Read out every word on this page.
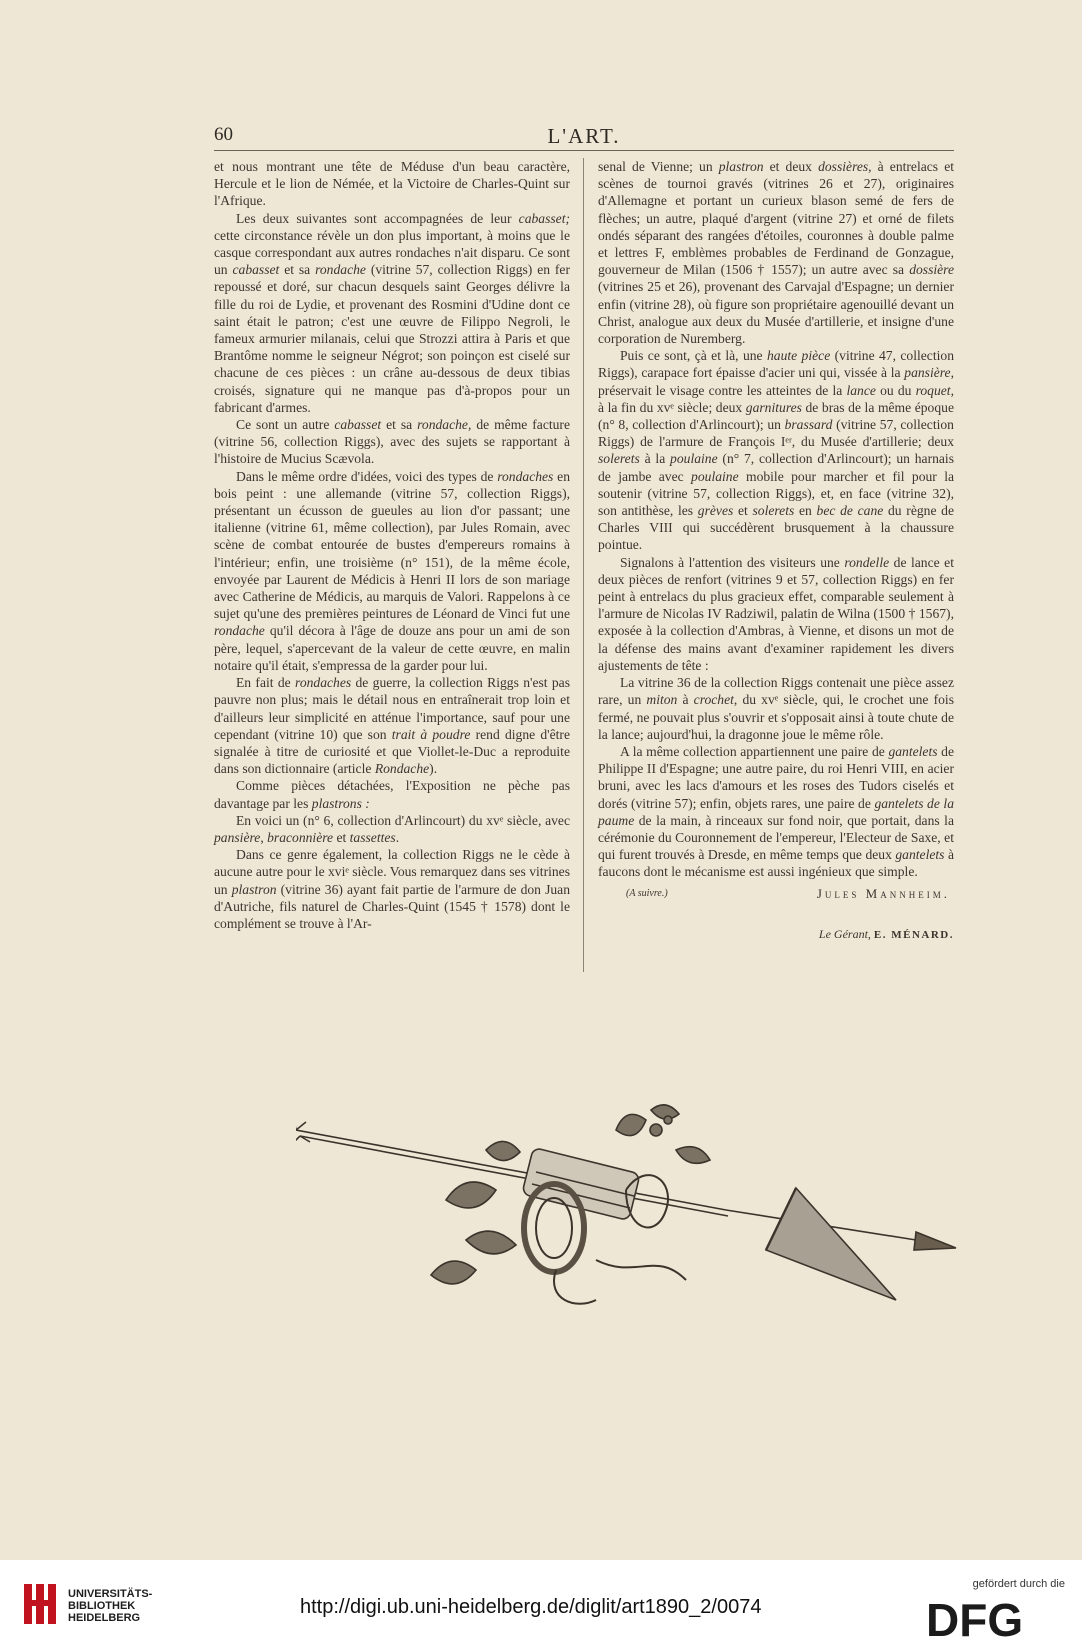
60	L'ART.

et nous montrant une tête de Méduse d'un beau caractère, Hercule et le lion de Némée, et la Victoire de Charles-Quint sur l'Afrique.

Les deux suivantes sont accompagnées de leur cabasset; cette circonstance révèle un don plus important, à moins que le casque correspondant aux autres rondaches n'ait disparu. Ce sont un cabasset et sa rondache (vitrine 57, collection Riggs) en fer repoussé et doré, sur chacun desquels saint Georges délivre la fille du roi de Lydie, et provenant des Rosmini d'Udine dont ce saint était le patron; c'est une œuvre de Filippo Negroli, le fameux armurier milanais, celui que Strozzi attira à Paris et que Brantôme nomme le seigneur Négrot; son poinçon est ciselé sur chacune de ces pièces : un crâne au-dessous de deux tibias croisés, signature qui ne manque pas d'à-propos pour un fabricant d'armes.

Ce sont un autre cabasset et sa rondache, de même facture (vitrine 56, collection Riggs), avec des sujets se rapportant à l'histoire de Mucius Scævola.

Dans le même ordre d'idées, voici des types de rondaches en bois peint : une allemande (vitrine 57, collection Riggs), présentant un écusson de gueules au lion d'or passant; une italienne (vitrine 61, même collection), par Jules Romain, avec scène de combat entourée de bustes d'empereurs romains à l'intérieur; enfin, une troisième (n° 151), de la même école, envoyée par Laurent de Médicis à Henri II lors de son mariage avec Catherine de Médicis, au marquis de Valori. Rappelons à ce sujet qu'une des premières peintures de Léonard de Vinci fut une rondache qu'il décora à l'âge de douze ans pour un ami de son père, lequel, s'apercevant de la valeur de cette œuvre, en malin notaire qu'il était, s'empressa de la garder pour lui.

En fait de rondaches de guerre, la collection Riggs n'est pas pauvre non plus; mais le détail nous en entraînerait trop loin et d'ailleurs leur simplicité en atténue l'importance, sauf pour une cependant (vitrine 10) que son trait à poudre rend digne d'être signalée à titre de curiosité et que Viollet-le-Duc a reproduite dans son dictionnaire (article Rondache).

Comme pièces détachées, l'Exposition ne pèche pas davantage par les plastrons :

En voici un (n° 6, collection d'Arlincourt) du xvᵉ siècle, avec pansière, braconnière et tassettes.

Dans ce genre également, la collection Riggs ne le cède à aucune autre pour le xviᵉ siècle. Vous remarquez dans ses vitrines un plastron (vitrine 36) ayant fait partie de l'armure de don Juan d'Autriche, fils naturel de Charles-Quint (1545 † 1578) dont le complément se trouve à l'Ar-

senal de Vienne; un plastron et deux dossières, à entrelacs et scènes de tournoi gravés (vitrines 26 et 27), originaires d'Allemagne et portant un curieux blason semé de fers de flèches; un autre, plaqué d'argent (vitrine 27) et orné de filets ondés séparant des rangées d'étoiles, couronnes à double palme et lettres F, emblèmes probables de Ferdinand de Gonzague, gouverneur de Milan (1506 † 1557); un autre avec sa dossière (vitrines 25 et 26), provenant des Carvajal d'Espagne; un dernier enfin (vitrine 28), où figure son propriétaire agenouillé devant un Christ, analogue aux deux du Musée d'artillerie, et insigne d'une corporation de Nuremberg.

Puis ce sont, çà et là, une haute pièce (vitrine 47, collection Riggs), carapace fort épaisse d'acier uni qui, vissée à la pansière, préservait le visage contre les atteintes de la lance ou du roquet, à la fin du xvᵉ siècle; deux garnitures de bras de la même époque (n° 8, collection d'Arlincourt); un brassard (vitrine 57, collection Riggs) de l'armure de François Iᵉʳ, du Musée d'artillerie; deux solerets à la poulaine (n° 7, collection d'Arlincourt); un harnais de jambe avec poulaine mobile pour marcher et fil pour la soutenir (vitrine 57, collection Riggs), et, en face (vitrine 32), son antithèse, les grèves et solerets en bec de cane du règne de Charles VIII qui succédèrent brusquement à la chaussure pointue.

Signalons à l'attention des visiteurs une rondelle de lance et deux pièces de renfort (vitrines 9 et 57, collection Riggs) en fer peint à entrelacs du plus gracieux effet, comparable seulement à l'armure de Nicolas IV Radziwil, palatin de Wilna (1500 † 1567), exposée à la collection d'Ambras, à Vienne, et disons un mot de la défense des mains avant d'examiner rapidement les divers ajustements de tête :

La vitrine 36 de la collection Riggs contenait une pièce assez rare, un miton à crochet, du xvᵉ siècle, qui, le crochet une fois fermé, ne pouvait plus s'ouvrir et s'opposait ainsi à toute chute de la lance; aujourd'hui, la dragonne joue le même rôle.

A la même collection appartiennent une paire de gantelets de Philippe II d'Espagne; une autre paire, du roi Henri VIII, en acier bruni, avec les lacs d'amours et les roses des Tudors ciselés et dorés (vitrine 57); enfin, objets rares, une paire de gantelets de la paume de la main, à rinceaux sur fond noir, que portait, dans la cérémonie du Couronnement de l'empereur, l'Electeur de Saxe, et qui furent trouvés à Dresde, en même temps que deux gantelets à faucons dont le mécanisme est aussi ingénieux que simple.

(A suivre.)	Jules Mannheim.
Le Gérant, E. MÉNARD.
UNIVERSITÄTS-
BIBLIOTHEK
HEIDELBERG	http://digi.ub.uni-heidelberg.de/diglit/art1890_2/0074
gefördert durch die
DFG
